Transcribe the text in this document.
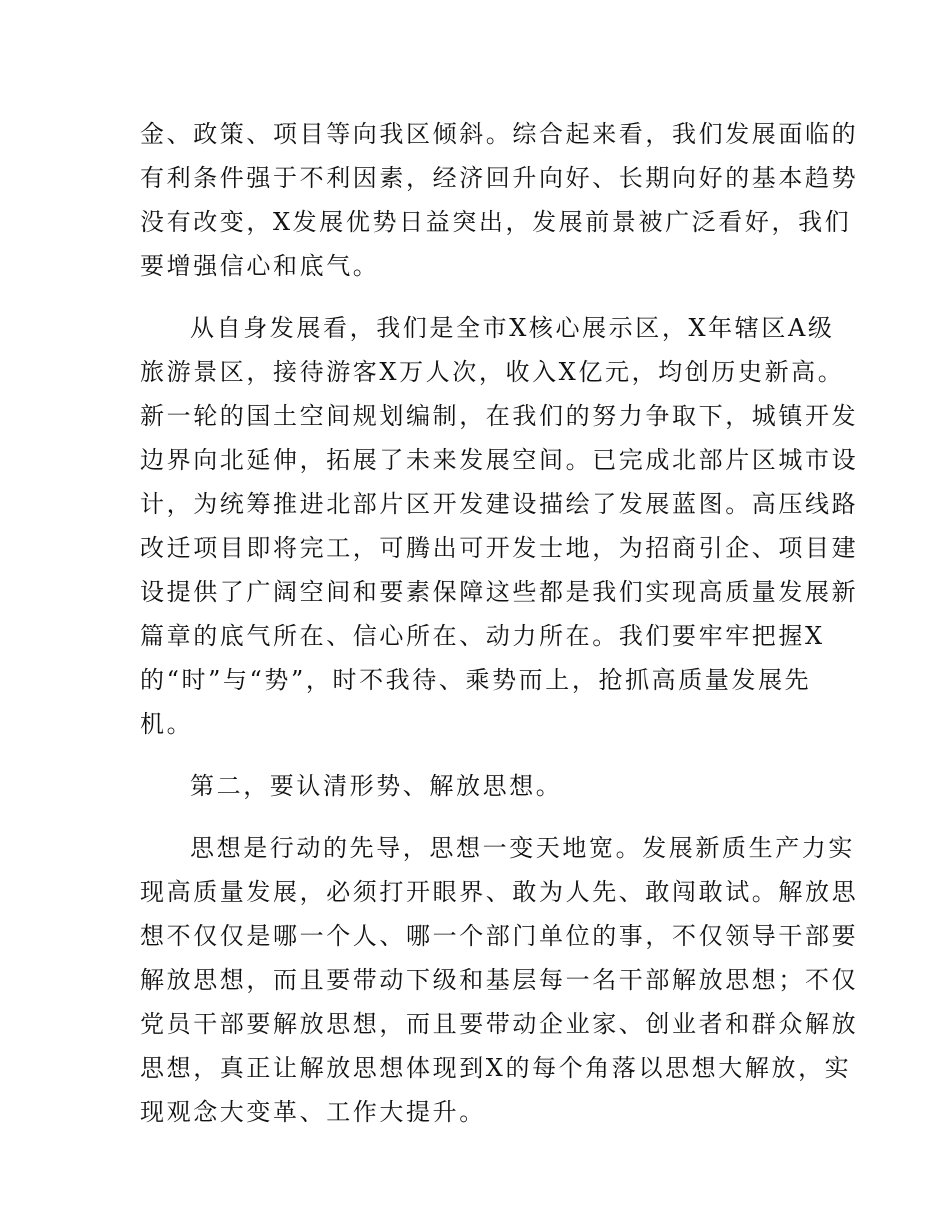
金、政策、项目等向我区倾斜。综合起来看，我们发展面临的
有利条件强于不利因素，经济回升向好、长期向好的基本趋势
没有改变，X发展优势日益突出，发展前景被广泛看好，我们
要增强信心和底气。
从自身发展看，我们是全市X核心展示区，X年辖区A级
旅游景区，接待游客X万人次，收入X亿元，均创历史新高。
新一轮的国土空间规划编制，在我们的努力争取下，城镇开发
边界向北延伸，拓展了未来发展空间。已完成北部片区城市设
计，为统筹推进北部片区开发建设描绘了发展蓝图。高压线路
改迁项目即将完工，可腾出可开发士地，为招商引企、项目建
设提供了广阔空间和要素保障这些都是我们实现高质量发展新
篇章的底气所在、信心所在、动力所在。我们要牢牢把握X
的“时”与“势”，时不我待、乘势而上，抢抓高质量发展先
机。
第二，要认清形势、解放思想。
思想是行动的先导，思想一变天地宽。发展新质生产力实
现高质量发展，必须打开眼界、敢为人先、敢闯敢试。解放思
想不仅仅是哪一个人、哪一个部门单位的事，不仅领导干部要
解放思想，而且要带动下级和基层每一名干部解放思想；不仅
党员干部要解放思想，而且要带动企业家、创业者和群众解放
思想，真正让解放思想体现到X的每个角落以思想大解放，实
现观念大变革、工作大提升。
